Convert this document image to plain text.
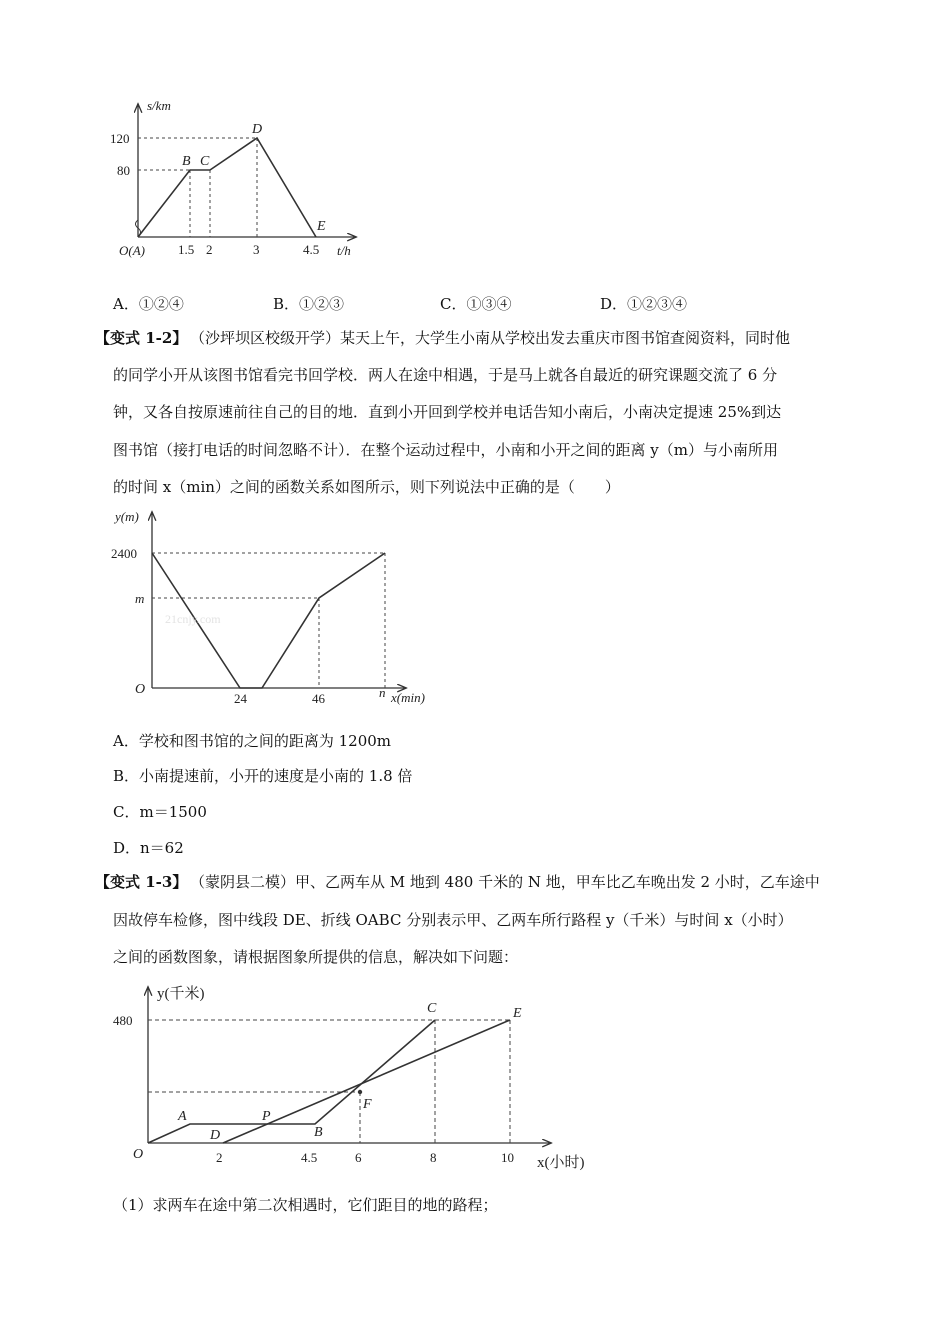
s/km
t/h
120
80
1.5 2	3	4.5
O(A)
B C
D
E
A．①②④	B．①②③	C．①③④	D．①②③④
【变式 1-2】 （沙坪坝区校级开学）某天上午，大学生小南从学校出发去重庆市图书馆查阅资料，同时他
的同学小开从该图书馆看完书回学校．两人在途中相遇，于是马上就各自最近的研究课题交流了 6 分
钟，又各自按原速前往自己的目的地．直到小开回到学校并电话告知小南后，小南决定提速 25%到达
图书馆（接打电话的时间忽略不计）．在整个运动过程中，小南和小开之间的距离 y（m）与小南所用
的时间 x（min）之间的函数关系如图所示，则下列说法中正确的是（　　）
21cnjy.com
y(m)
x(min)
2400
m
24	46	n
O
A．学校和图书馆的之间的距离为 1200m
B．小南提速前，小开的速度是小南的 1.8 倍
C．m＝1500
D．n＝62
【变式 1-3】 （蒙阴县二模）甲、乙两车从 M 地到 480 千米的 N 地，甲车比乙车晚出发 2 小时，乙车途中
因故停车检修，图中线段 DE、折线 OABC 分别表示甲、乙两车所行路程 y（千米）与时间 x（小时）
之间的函数图象，请根据图象所提供的信息，解决如下问题：
y(千米)
x(小时)
480
2	4.5	6	8	10
O
A	P
B
C
D
E
F
（1）求两车在途中第二次相遇时，它们距目的地的路程；
